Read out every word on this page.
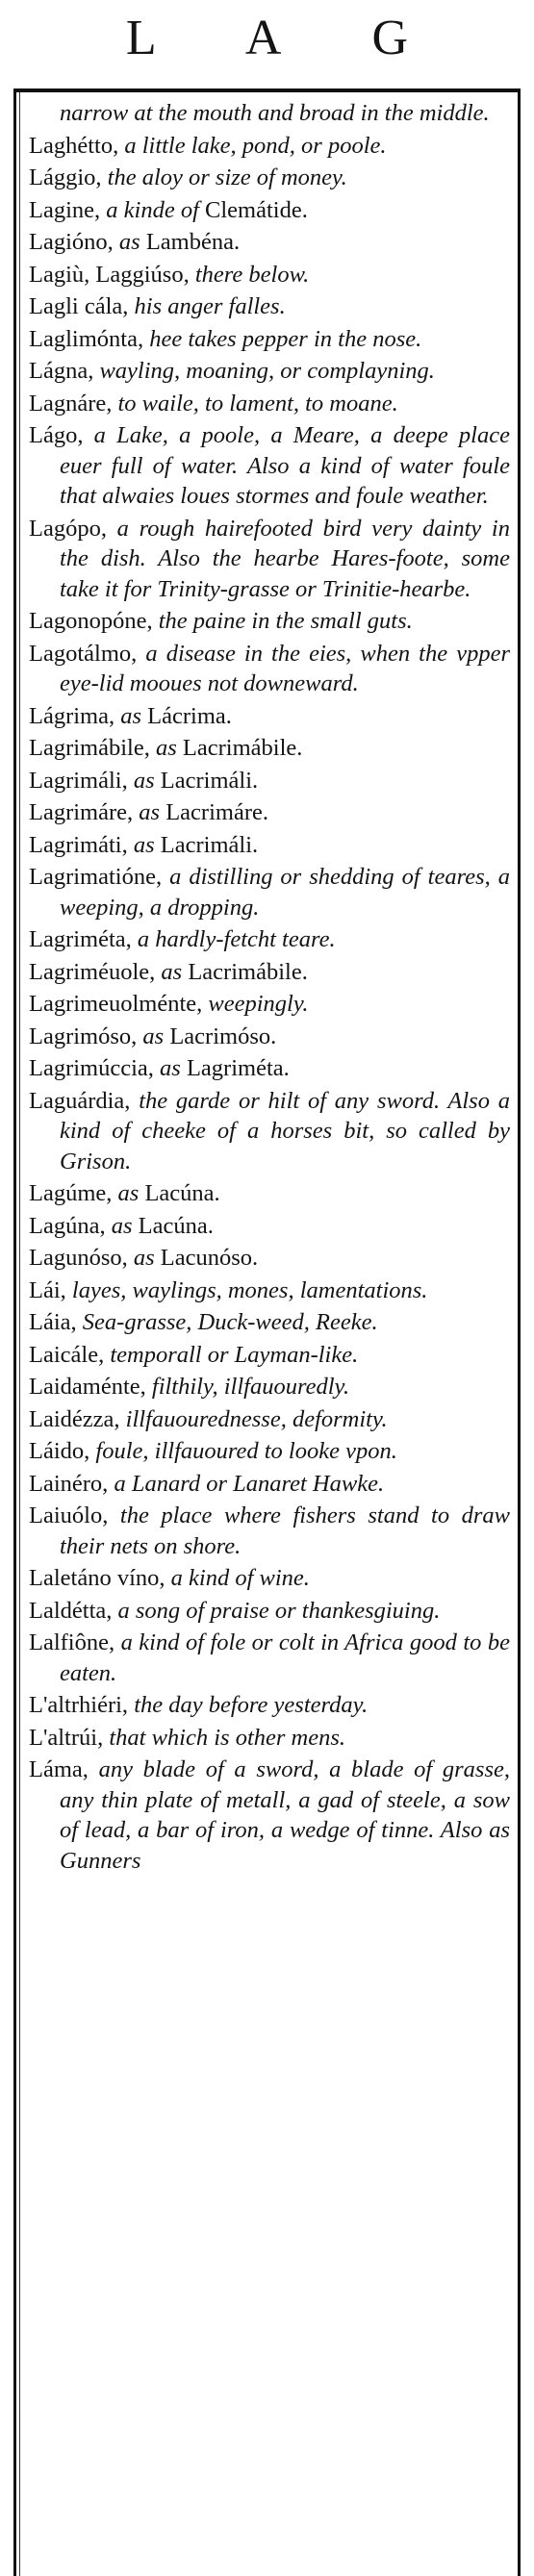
L A G
narrow at the mouth and broad in the middle.
Laghétto, a little lake, pond, or poole.
Lággio, the aloy or size of money.
Lagine, a kinde of Clemátide.
Lagióno, as Lambéna.
Lagiù, Laggiúso, there below.
Lagli cála, his anger falles.
Laglimónta, hee takes pepper in the nose.
Lágna, wayling, moaning, or complayning.
Lagnáre, to waile, to lament, to moane.
Lágo, a Lake, a poole, a Meare, a deepe place euer full of water. Also a kind of water foule that alwaies loues stormes and foule weather.
Lagópo, a rough hairefooted bird very dainty in the dish. Also the hearbe Hares-foote, some take it for Trinity-grasse or Trinitie-hearbe.
Lagonopóne, the paine in the small guts.
Lagotálmo, a disease in the eies, when the vpper eye-lid mooues not downeward.
Lágrima, as Lácrima.
Lagrimábile, as Lacrimábile.
Lagrimáli, as Lacrimáli.
Lagrimáre, as Lacrimáre.
Lagrimáti, as Lacrimáli.
Lagrimatióne, a distilling or shedding of teares, a weeping, a dropping.
Lagriméta, a hardly-fetcht teare.
Lagriméuole, as Lacrimábile.
Lagrimeuolménte, weepingly.
Lagrimóso, as Lacrimóso.
Lagrimúccia, as Lagriméta.
Laguárdia, the garde or hilt of any sword. Also a kind of cheeke of a horses bit, so called by Grison.
Lagúme, as Lacúna.
Lagúna, as Lacúna.
Lagunóso, as Lacunóso.
Lái, layes, waylings, mones, lamentations.
Láia, Sea-grasse, Duck-weed, Reeke.
Laicále, temporall or Layman-like.
Laidaménte, filthily, illfauouredly.
Laidézza, illfauourednesse, deformity.
Láido, foule, illfauoured to looke vpon.
Lainéro, a Lanard or Lanaret Hawke.
Laiuólo, the place where fishers stand to draw their nets on shore.
Laletáno víno, a kind of wine.
Laldétta, a song of praise or thankesgiuing.
Lalfiône, a kind of fole or colt in Africa good to be eaten.
L'altrhiéri, the day before yesterday.
L'altrúi, that which is other mens.
Láma, any blade of a sword, a blade of grasse, any thin plate of metall, a gad of steele, a sow of lead, a bar of iron, a wedge of tinne. Also as Gunners
